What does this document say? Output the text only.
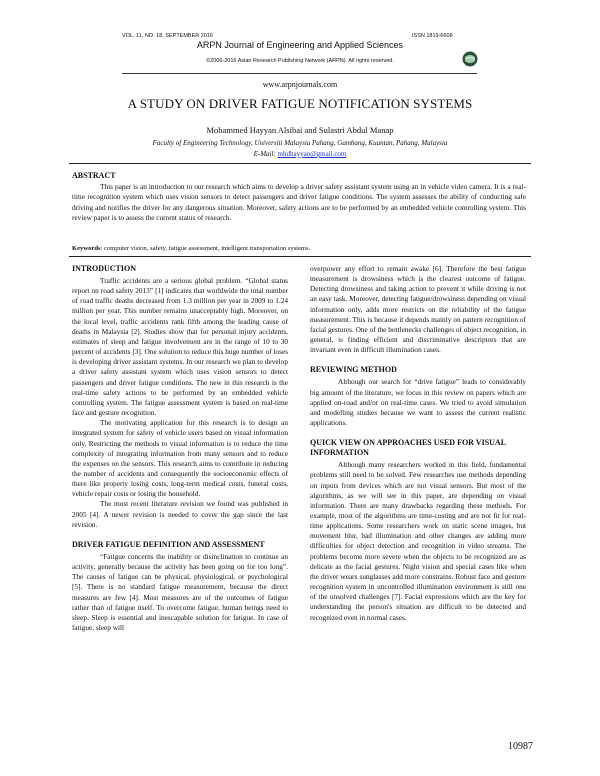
VOL. 11, NO. 18, SEPTEMBER 2016	ISSN 1819-6608
ARPN Journal of Engineering and Applied Sciences
©2006-2016 Asian Research Publishing Network (ARPN). All rights reserved.
www.arpnjournals.com
A STUDY ON DRIVER FATIGUE NOTIFICATION SYSTEMS
Mohammed Hayyan Alsibai and Sulastri Abdul Manap
Faculty of Engineering Technology, Universiti Malaysia Pahang, Gambang, Kuantan, Pahang, Malaysia
E-Mail: mhdhayyan@gmail.com
ABSTRACT
This paper is an introduction to our research which aims to develop a driver safety assistant system using an in vehicle video camera. It is a real-time recognition system which uses vision sensors to detect passengers and driver fatigue conditions. The system assesses the ability of conducting safe driving and notifies the driver for any dangerous situation. Moreover, safety actions are to be performed by an embedded vehicle controlling system. This review paper is to assess the current status of research.
Keywords: computer vision, safety, fatigue assessment, intelligent transportation systems.
INTRODUCTION

Traffic accidents are a serious global problem. “Global status report on road safety 2013” [1] indicates that worldwide the total number of road traffic deaths decreased from 1.3 million per year in 2009 to 1.24 million per year. This number remains unacceptably high. Moreover, on the local level, traffic accidents rank fifth among the leading cause of deaths in Malaysia [2]. Studies show that for personal injury accidents, estimates of sleep and fatigue involvement are in the range of 10 to 30 percent of accidents [3]. One solution to reduce this huge number of loses is developing driver assistant systems. In our research we plan to develop a driver safety assistant system which uses vision sensors to detect passengers and driver fatigue conditions. The new in this research is the real-time safety actions to be performed by an embedded vehicle controlling system. The fatigue assessment system is based on real-time face and gesture recognition.

The motivating application for this research is to design an integrated system for safety of vehicle users based on visual information only. Restricting the methods to visual information is to reduce the time complexity of integrating information from many sensors and to reduce the expenses on the sensors. This research aims to contribute in reducing the number of accidents and consequently the socioeconomic effects of there like property losing costs, long-term medical costs, funeral costs, vehicle repair costs or losing the household.

The most recent literature revision we found was published in 2005 [4]. A newer revision is needed to cover the gap since the last revision.

DRIVER FATIGUE DEFINITION AND ASSESSMENT

“Fatigue concerns the inability or disinclination to continue an activity, generally because the activity has been going on for too long”. The causes of fatigue can be physical, physiological, or psychological [5]. There is no standard fatigue measurement, because the direct measures are few [4]. Most measures are of the outcomes of fatigue rather than of fatigue itself. To overcome fatigue, human beings need to sleep. Sleep is essential and inescapable solution for fatigue. In case of fatigue, sleep will

overpower any effort to remain awake [6]. Therefore the best fatigue measurement is drowsiness which is the clearest outcome of fatigue. Detecting drowsiness and taking action to prevent it while driving is not an easy task. Moreover, detecting fatigue/drowsiness depending on visual information only, adds more restricts on the reliability of the fatigue measurement. This is because it depends mainly on pattern recognition of facial gestures. One of the bottlenecks challenges of object recognition, in general, is finding efficient and discriminative descriptors that are invariant even in difficult illumination cases.

REVIEWING METHOD

Although our search for “drive fatigue” leads to considerably big amount of the literature, we focus in this review on papers which are applied on-road and/or on real-time cases. We tried to avoid simulation and modelling studies because we want to assess the current realistic applications.

QUICK VIEW ON APPROACHES USED FOR VISUAL INFORMATION

Although many researchers worked in this field, fundamental problems still need to be solved. Few researches use methods depending on inputs from devices which are not visual sensors. But most of the algorithms, as we will see in this paper, are depending on visual information. There are many drawbacks regarding these methods. For example, most of the algorithms are time-costing and are not fit for real-time applications. Some researchers work on static scene images, but movement blur, bad illumination and other changes are adding more difficulties for object detection and recognition in video streams. The problems become more severe when the objects to be recognized are as delicate as the facial gestures. Night vision and special cases like when the driver wears sunglasses add more constrains. Robust face and gesture recognition system in uncontrolled illumination environment is still one of the unsolved challenges [7]. Facial expressions which are the key for understanding the person's situation are difficult to be detected and recognized even in normal cases.

10987
